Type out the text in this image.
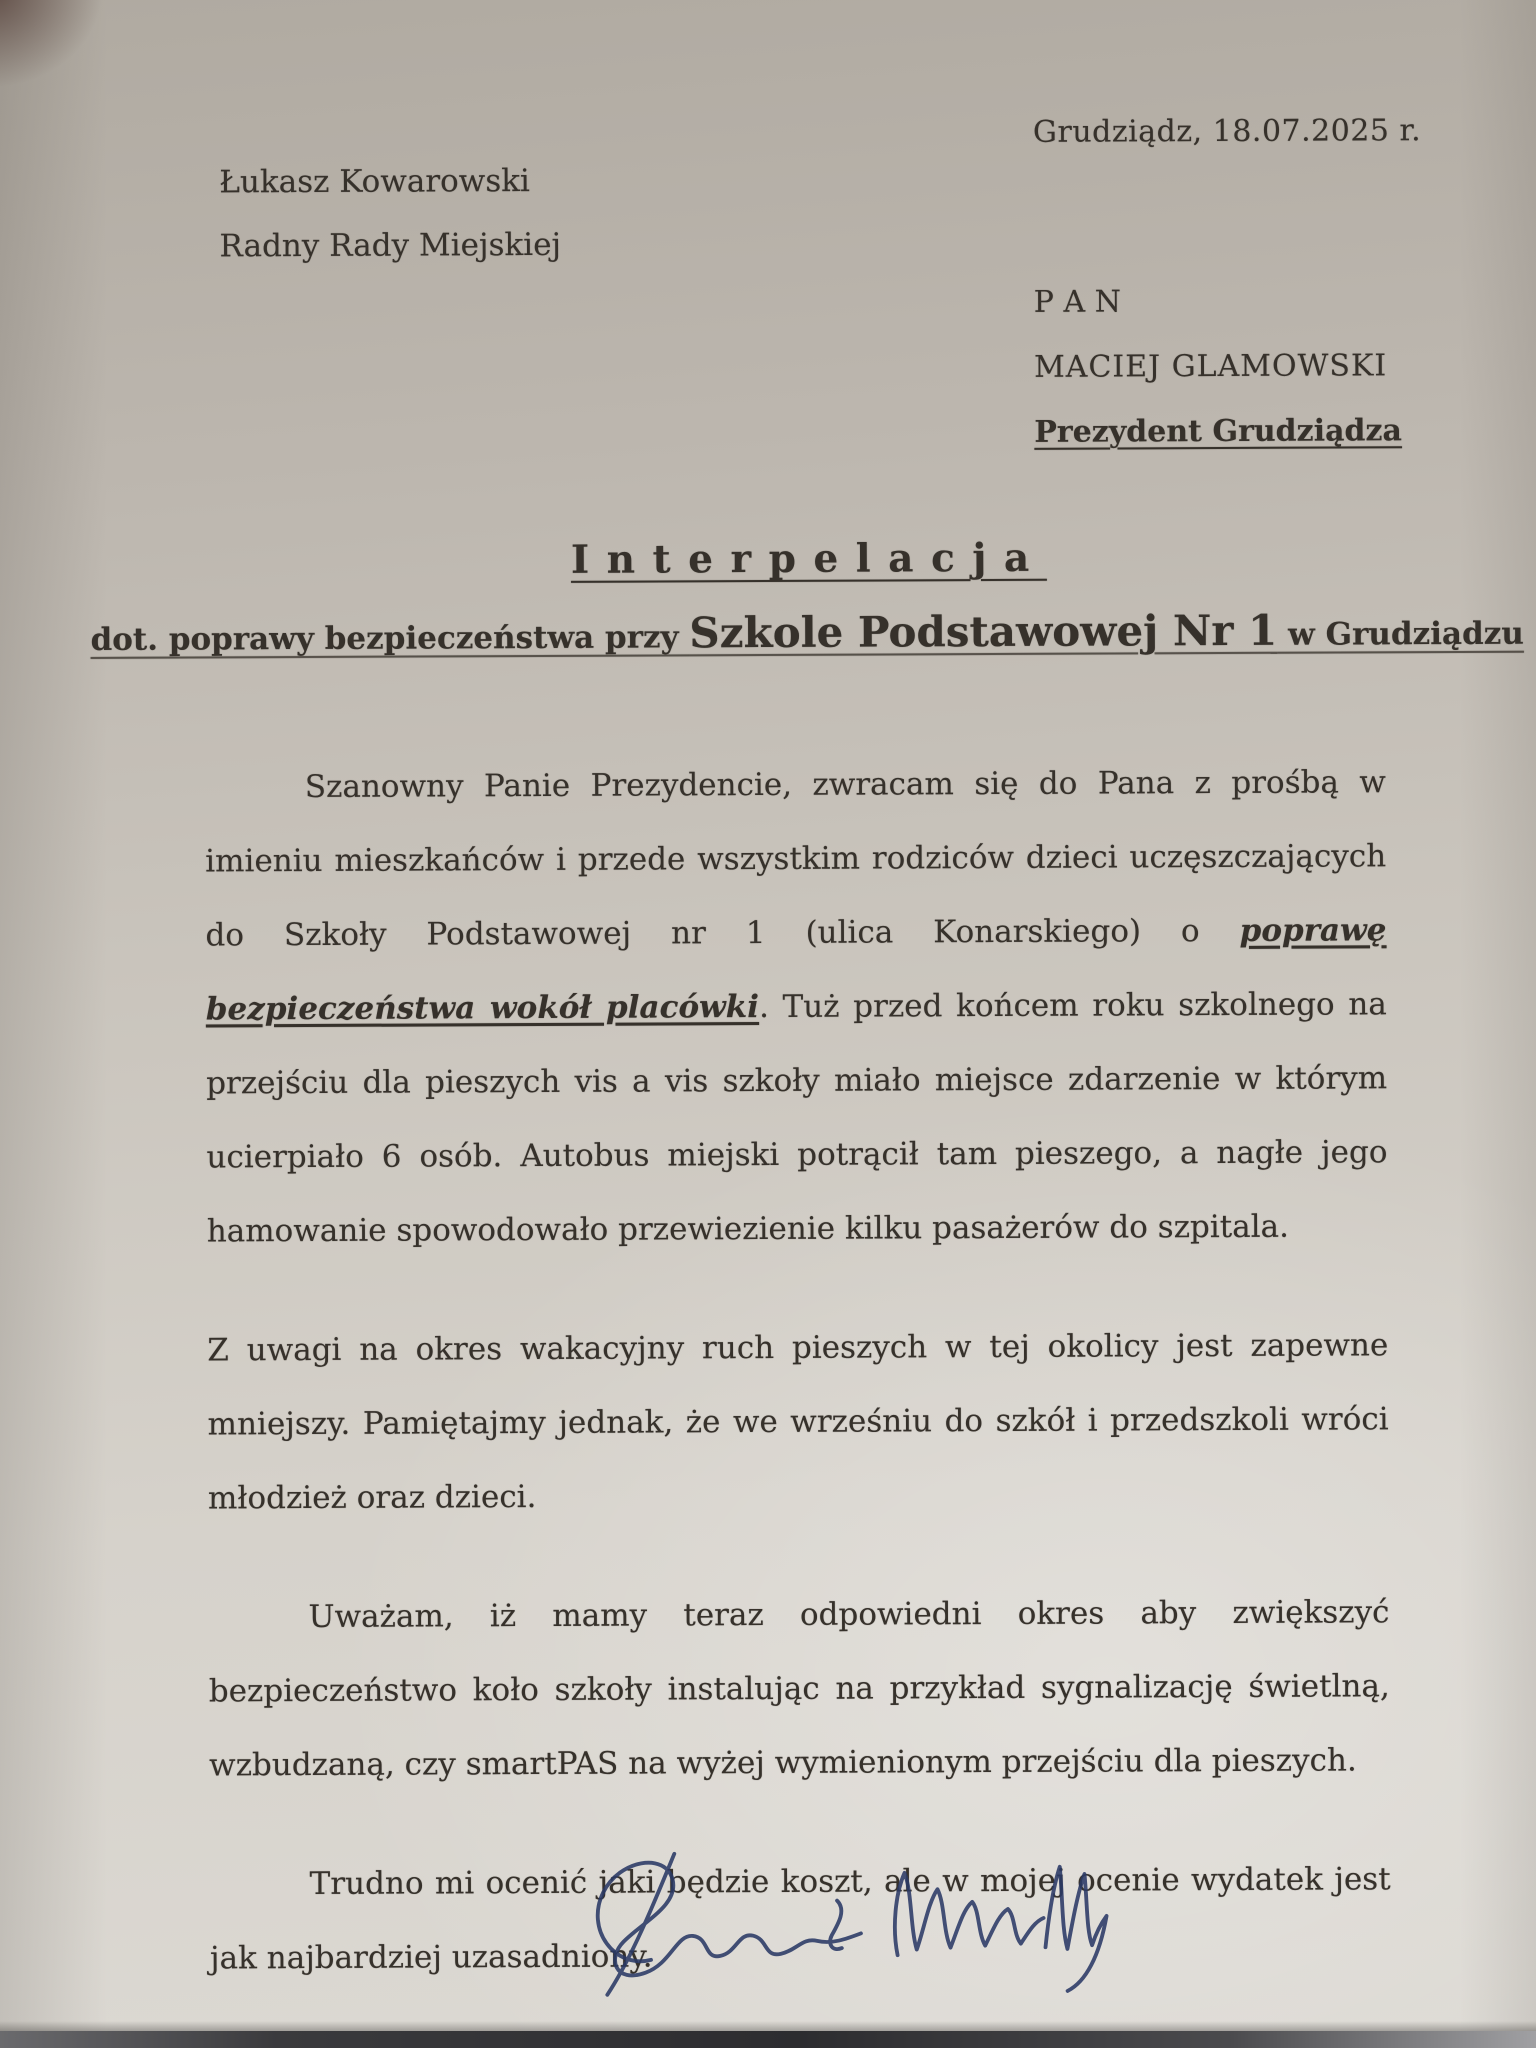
Grudziądz, 18.07.2025 r.
Łukasz Kowarowski
Radny Rady Miejskiej
P A N
MACIEJ GLAMOWSKI
Prezydent Grudziądza
Interpelacja
dot. poprawy bezpieczeństwa przy Szkole Podstawowej Nr 1 w Grudziądzu

Szanowny Panie Prezydencie, zwracam się do Pana z prośbą w imieniu mieszkańców i przede wszystkim rodziców dzieci uczęszczających do Szkoły Podstawowej nr 1 (ulica Konarskiego) o poprawę bezpieczeństwa wokół placówki. Tuż przed końcem roku szkolnego na przejściu dla pieszych vis a vis szkoły miało miejsce zdarzenie w którym ucierpiało 6 osób. Autobus miejski potrącił tam pieszego, a nagłe jego hamowanie spowodowało przewiezienie kilku pasażerów do szpitala.

Z uwagi na okres wakacyjny ruch pieszych w tej okolicy jest zapewne mniejszy. Pamiętajmy jednak, że we wrześniu do szkół i przedszkoli wróci młodzież oraz dzieci.

Uważam, iż mamy teraz odpowiedni okres aby zwiększyć bezpieczeństwo koło szkoły instalując na przykład sygnalizację świetlną, wzbudzaną, czy smartPAS na wyżej wymienionym przejściu dla pieszych.

Trudno mi ocenić jaki będzie koszt, ale w mojej ocenie wydatek jest jak najbardziej uzasadniony.
